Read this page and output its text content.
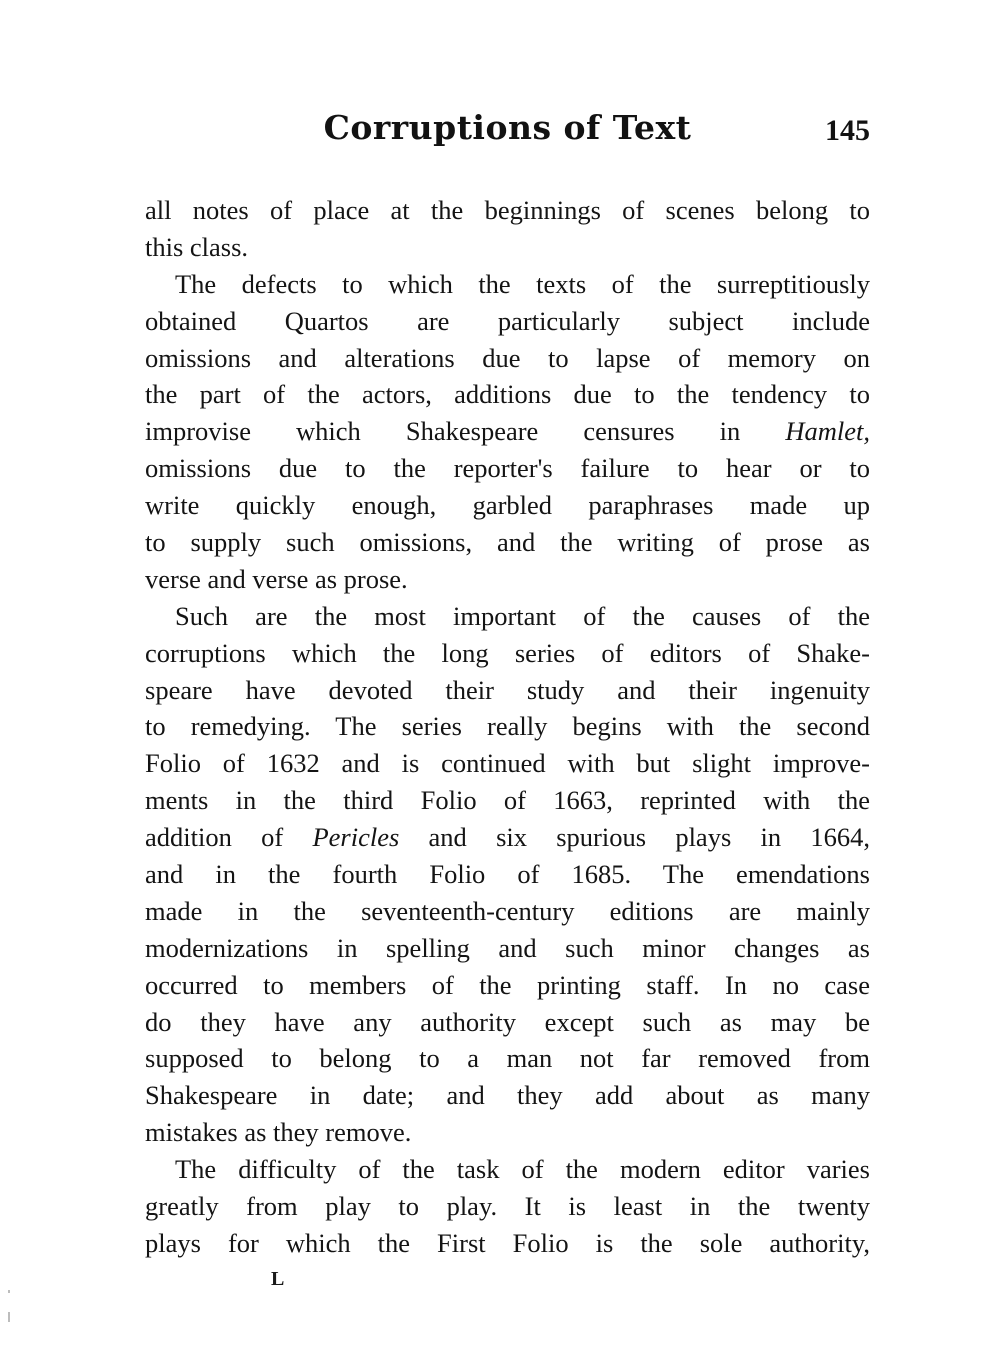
Corruptions of Text	145
all notes of place at the beginnings of scenes belong to
this class.
The defects to which the texts of the surreptitiously
obtained Quartos are particularly subject include
omissions and alterations due to lapse of memory on
the part of the actors, additions due to the tendency to
improvise which Shakespeare censures in Hamlet,
omissions due to the reporter's failure to hear or to
write quickly enough, garbled paraphrases made up
to supply such omissions, and the writing of prose as
verse and verse as prose.
Such are the most important of the causes of the
corruptions which the long series of editors of Shake-
speare have devoted their study and their ingenuity
to remedying. The series really begins with the second
Folio of 1632 and is continued with but slight improve-
ments in the third Folio of 1663, reprinted with the
addition of Pericles and six spurious plays in 1664,
and in the fourth Folio of 1685. The emendations
made in the seventeenth-century editions are mainly
modernizations in spelling and such minor changes as
occurred to members of the printing staff. In no case
do they have any authority except such as may be
supposed to belong to a man not far removed from
Shakespeare in date; and they add about as many
mistakes as they remove.
The difficulty of the task of the modern editor varies
greatly from play to play. It is least in the twenty
plays for which the First Folio is the sole authority,
L
